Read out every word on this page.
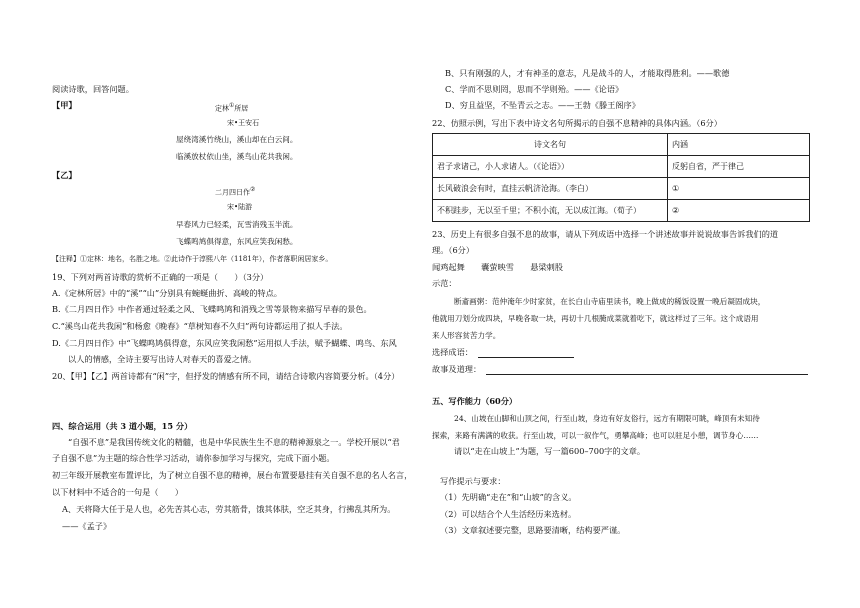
阅读诗歌，回答问题。
【甲】	定林①所居
宋•王安石
屋绕湾溪竹绕山，溪山却在白云间。
临溪放杖依山坐，溪鸟山花共我闲。
【乙】
二月四日作②
宋•陆游
早春风力已轻柔，瓦雪消残玉半流。
飞蝶鸣鸠俱得意，东风应笑我闲愁。
【注释】①定林：地名，名胜之地。②此诗作于淳熙八年（1181年），作者落职闲居家乡。
19、下列对两首诗歌的赏析不正确的一项是（　　）（3分）
A.《定林所居》中的“溪”“山”分别具有蜿蜒曲折、高峻的特点。
B.《二月四日作》中作者通过轻柔之风、飞蝶鸣鸠和消残之雪等景物来描写早春的景色。
C.“溪鸟山花共我闲”和杨愈《晚春》“草树知春不久归”两句诗都运用了拟人手法。
D.《二月四日作》中“飞蝶鸣鸠俱得意，东风应笑我闲愁”运用拟人手法，赋予蝴蝶、鸣鸟、东风
以人的情感，全诗主要写出诗人对春天的喜爱之情。
20、【甲】【乙】两首诗都有“闲”字，但抒发的情感有所不同，请结合诗歌内容简要分析。（4分）
四、综合运用（共 3 道小题，15 分）
“自强不息”是我国传统文化的精髓，也是中华民族生生不息的精神源泉之一。学校开展以“君
子自强不息”为主题的综合性学习活动，请你参加学习与探究，完成下面小题。
初三年级开展教室布置评比，为了树立自强不息的精神，展台布置要悬挂有关自强不息的名人名言，
以下材料中不适合的一句是（　　）
A、天将降大任于是人也，必先苦其心志，劳其筋骨，饿其体肤，空乏其身，行拂乱其所为。
——《孟子》
B、只有刚强的人，才有神圣的意志，凡是战斗的人，才能取得胜利。——歌德
C、学而不思则罔，思而不学则殆。——《论语》
D、穷且益坚，不坠青云之志。——王勃《滕王阁序》
22、仿照示例，写出下表中诗文名句所揭示的自强不息精神的具体内涵。（6分）
诗文名句	内涵
君子求诸己，小人求诸人。（《论语》）	反躬自省，严于律己
长风破浪会有时，直挂云帆济沧海。（李白）	①
不积跬步，无以至千里；不积小流，无以成江海。（荀子）	②
23、历史上有很多自强不息的故事，请从下列成语中选择一个讲述故事并说说故事告诉我们的道
理。（6分）
闻鸡起舞　　囊萤映雪　　悬梁刺股
示范：
断齑画粥：范仲淹年少时家贫，在长白山寺庙里读书，晚上做成的稀饭设置一晚后凝固成块，
他就用刀划分成四块，早晚各取一块，再切十几根腌成菜就着吃下，就这样过了三年。这个成语用
来人形容贫苦力学。
选择成语：
故事及道理：
五、写作能力（60分）
24、山坡在山脚和山顶之间，行至山坡，身边有好友俗行，远方有期限可眺，峰顶有未知待
探索，来路有满满的收获。行至山坡，可以一叙作气，勇攀高峰；也可以驻足小憩，调节身心……
请以“走在山坡上”为题，写一篇600–700字的文章。
写作提示与要求：
（1）先明确“走在”和“山坡”的含义。
（2）可以结合个人生活经历来选材。
（3）文章叙述要完整，思路要清晰，结构要严谨。
